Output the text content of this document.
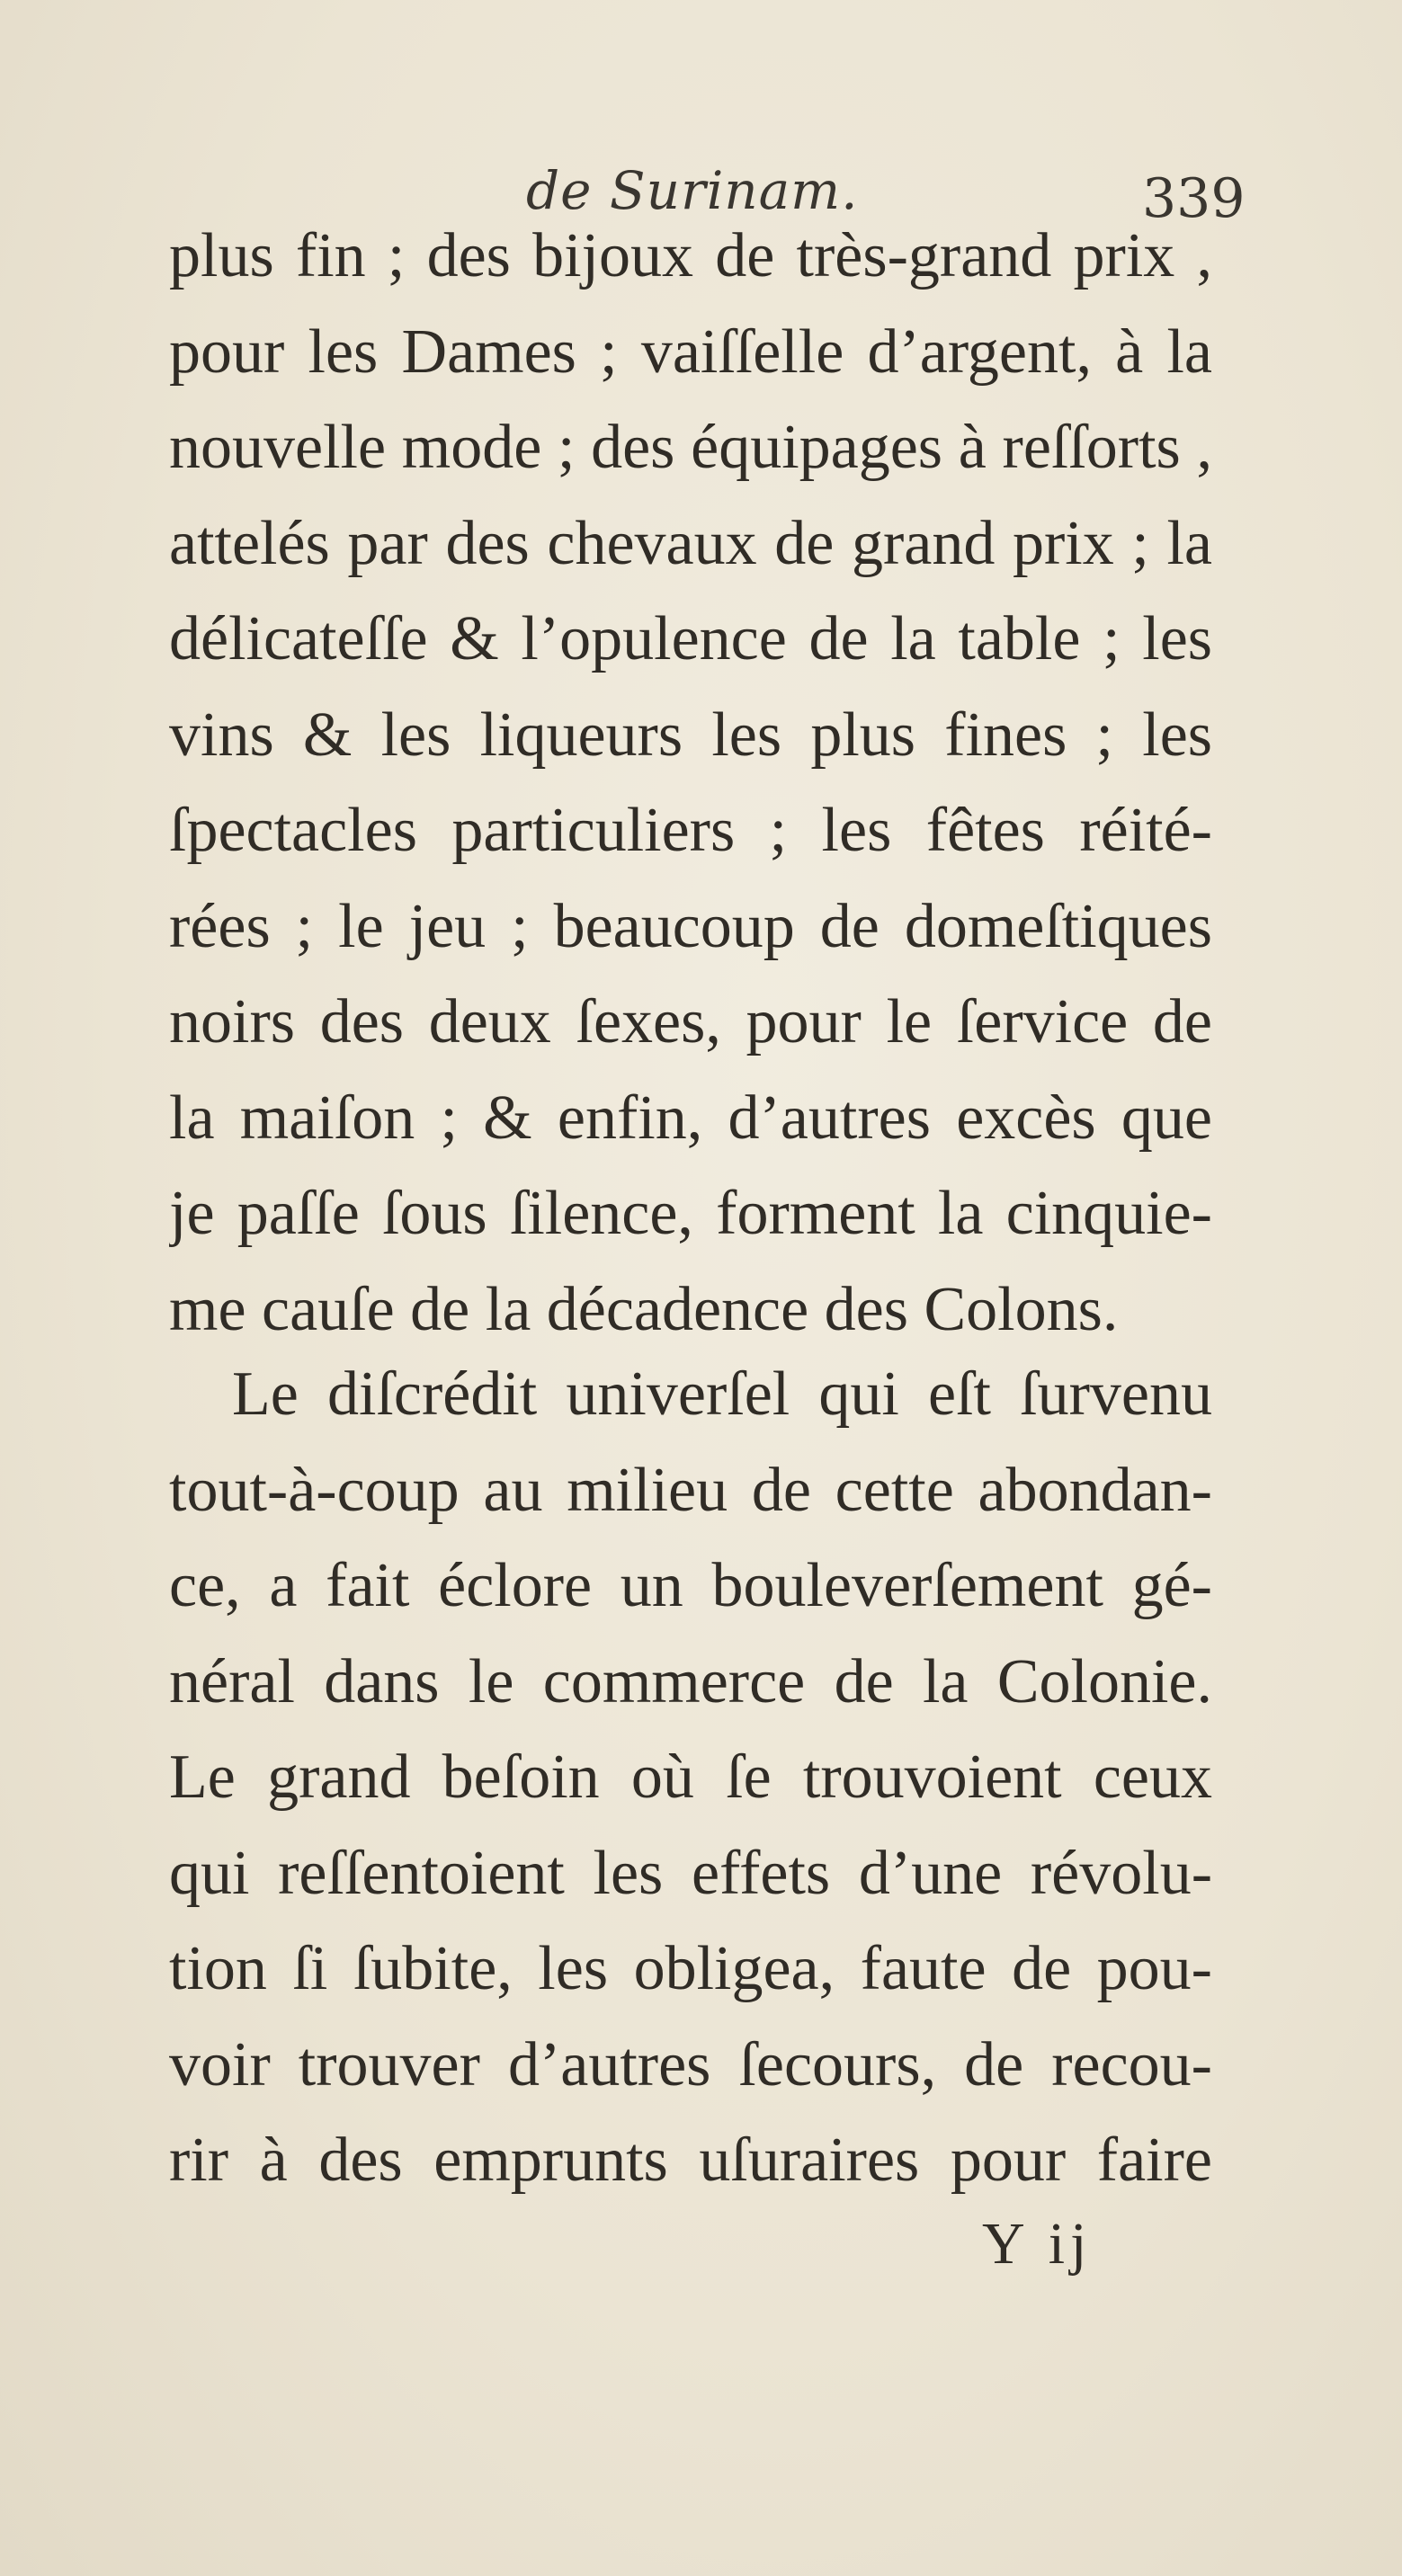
de Surinam.	339
plus fin ; des bijoux de très-grand prix ,
pour les Dames ; vaiſſelle d’argent, à la
nouvelle mode ; des équipages à reſſorts ,
attelés par des chevaux de grand prix ; la
délicateſſe & l’opulence de la table ; les
vins & les liqueurs les plus fines ; les
ſpectacles particuliers ; les fêtes réité-
rées ; le jeu ; beaucoup de domeſtiques
noirs des deux ſexes, pour le ſervice de
la maiſon ; & enfin, d’autres excès que
je paſſe ſous ſilence, forment la cinquie-
me cauſe de la décadence des Colons.
Le diſcrédit univerſel qui eſt ſurvenu
tout-à-coup au milieu de cette abondan-
ce, a fait éclore un bouleverſement gé-
néral dans le commerce de la Colonie.
Le grand beſoin où ſe trouvoient ceux
qui reſſentoient les effets d’une révolu-
tion ſi ſubite, les obligea, faute de pou-
voir trouver d’autres ſecours, de recou-
rir à des emprunts uſuraires pour faire
Y ij
